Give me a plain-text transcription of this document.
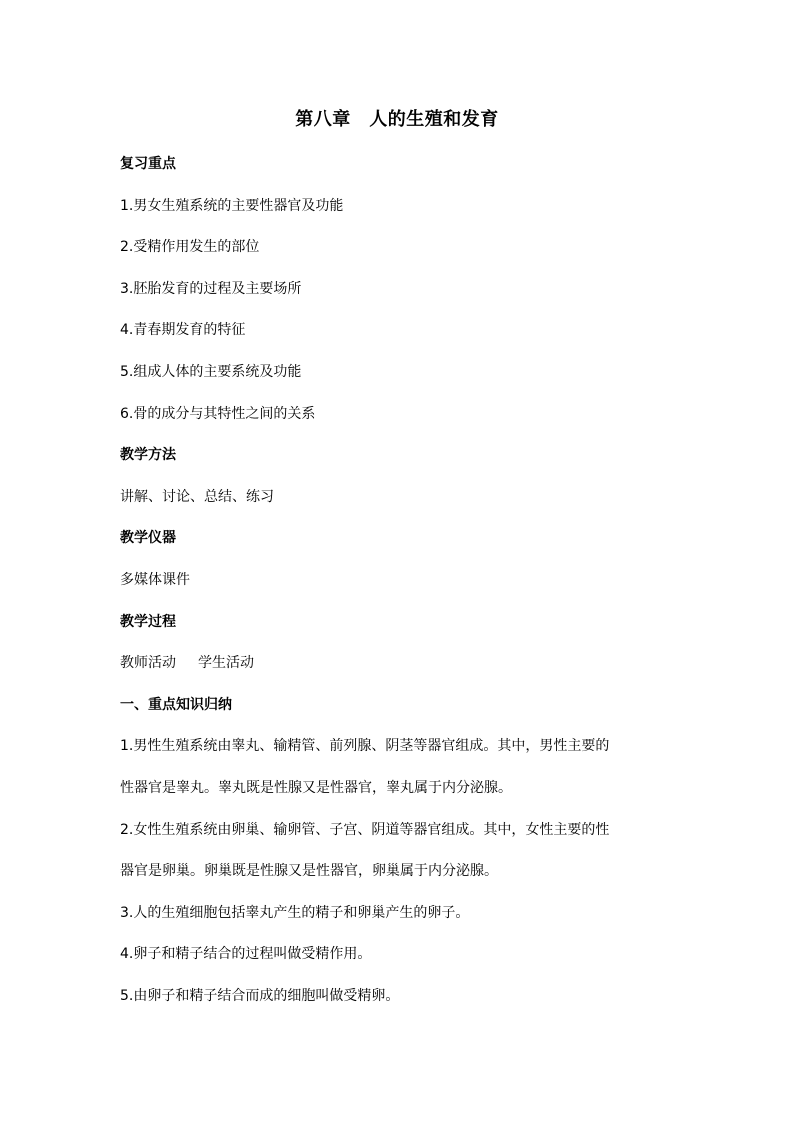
第八章　人的生殖和发育
复习重点
1.男女生殖系统的主要性器官及功能
2.受精作用发生的部位
3.胚胎发育的过程及主要场所
4.青春期发育的特征
5.组成人体的主要系统及功能
6.骨的成分与其特性之间的关系
教学方法
讲解、讨论、总结、练习
教学仪器
多媒体课件
教学过程
教师活动 学生活动
一、重点知识归纳
1.男性生殖系统由睾丸、输精管、前列腺、阴茎等器官组成。其中，男性主要的
性器官是睾丸。睾丸既是性腺又是性器官，睾丸属于内分泌腺。
2.女性生殖系统由卵巢、输卵管、子宫、阴道等器官组成。其中，女性主要的性
器官是卵巢。卵巢既是性腺又是性器官，卵巢属于内分泌腺。
3.人的生殖细胞包括睾丸产生的精子和卵巢产生的卵子。
4.卵子和精子结合的过程叫做受精作用。
5.由卵子和精子结合而成的细胞叫做受精卵。
